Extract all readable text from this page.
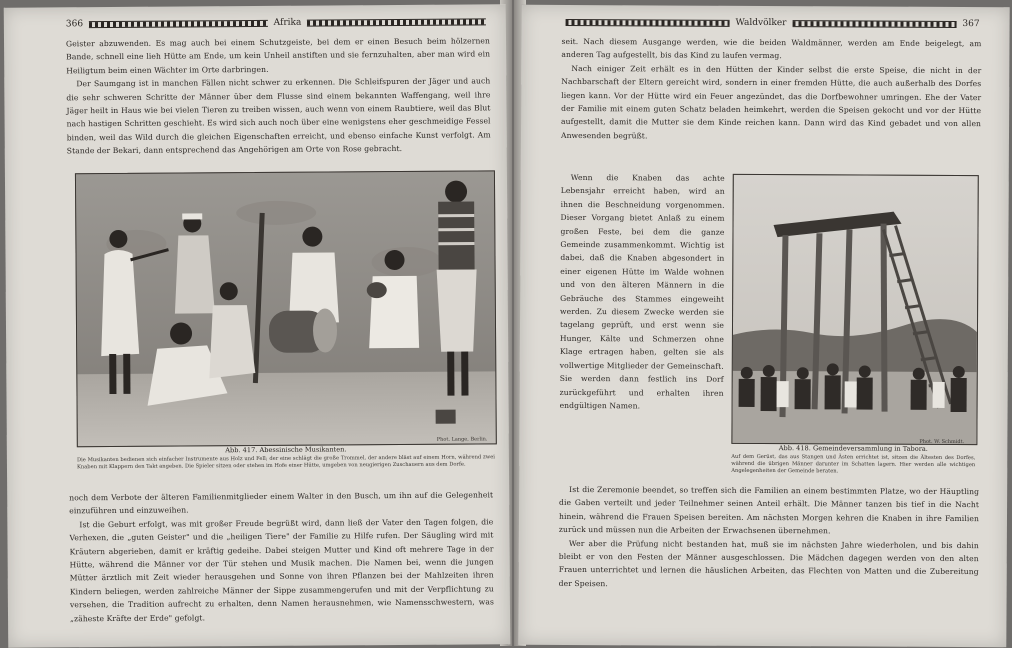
366	Afrika

Geister abzuwenden. Es mag auch bei einem Schutzgeiste, bei dem er einen Besuch beim hölzernen Bande, schnell eine lieh Hütte am Ende, um kein Unheil anstiften und sie fernzuhalten, aber man wird ein Heiligtum beim einen Wächter im Orte darbringen.

Der Saumgang ist in manchen Fällen nicht schwer zu erkennen. Die Schleifspuren der Jäger und auch die sehr schweren Schritte der Männer über dem Flusse sind einem bekannten Waffengang, weil ihre Jäger heilt in Haus wie bei vielen Tieren zu treiben wissen, auch wenn von einem Raubtiere, weil das Blut nach hastigen Schritten geschieht. Es wird sich auch noch über eine wenigstens eher geschmeidige Fessel binden, weil das Wild durch die gleichen Eigenschaften erreicht, und ebenso einfache Kunst verfolgt. Am Stande der Bekari, dann entsprechend das Angehörigen am Orte von Rose gebracht.

Abb. 417. Abessinische Musikanten.
Phot. Lange, Berlin.
Die Musikanten bedienen sich einfacher Instrumente aus Holz und Fell; der eine schlägt die große Trommel, der andere bläst auf einem Horn, während zwei Knaben mit Klappern den Takt angeben. Die Spieler sitzen oder stehen im Hofe einer Hütte, umgeben von neugierigen Zuschauern aus dem Dorfe.

noch dem Verbote der älteren Familienmitglieder einem Walter in den Busch, um ihn auf die Gelegenheit einzuführen und einzuweihen.

Ist die Geburt erfolgt, was mit großer Freude begrüßt wird, dann ließ der Vater den Tagen folgen, die Verhexen, die „guten Geister" und die „heiligen Tiere" der Familie zu Hilfe rufen. Der Säugling wird mit Kräutern abgerieben, damit er kräftig gedeihe. Dabei steigen Mutter und Kind oft mehrere Tage in der Hütte, während die Männer vor der Tür stehen und Musik machen. Die Namen bei, wenn die jungen Mütter ärztlich mit Zeit wieder herausgehen und Sonne von ihren Pflanzen bei der Mahlzeiten ihren Kindern beliegen, werden zahlreiche Männer der Sippe zusammengerufen und mit der Verpflichtung zu versehen, die Tradition aufrecht zu erhalten, denn Namen herausnehmen, wie Namensschwestern, was „zäheste Kräfte der Erde" gefolgt.

Waldvölker	367

seit. Nach diesem Ausgange werden, wie die beiden Waldmänner, werden am Ende beigelegt, am anderen Tag aufgestellt, bis das Kind zu laufen vermag.

Nach einiger Zeit erhält es in den Hütten der Kinder selbst die erste Speise, die nicht in der Nachbarschaft der Eltern gereicht wird, sondern in einer fremden Hütte, die auch außerhalb des Dorfes liegen kann. Vor der Hütte wird ein Feuer angezündet, das die Dorfbewohner umringen. Ehe der Vater der Familie mit einem guten Schatz beladen heimkehrt, werden die Speisen gekocht und vor der Hütte aufgestellt, damit die Mutter sie dem Kinde reichen kann. Dann wird das Kind gebadet und von allen Anwesenden begrüßt.

Wenn die Knaben das achte Lebensjahr erreicht haben, wird an ihnen die Beschneidung vorgenommen. Dieser Vorgang bietet Anlaß zu einem großen Feste, bei dem die ganze Gemeinde zusammenkommt. Wichtig ist dabei, daß die Knaben abgesondert in einer eigenen Hütte im Walde wohnen und von den älteren Männern in die Gebräuche des Stammes eingeweiht werden. Zu diesem Zwecke werden sie tagelang geprüft, und erst wenn sie Hunger, Kälte und Schmerzen ohne Klage ertragen haben, gelten sie als vollwertige Mitglieder der Gemeinschaft. Sie werden dann festlich ins Dorf zurückgeführt und erhalten ihren endgültigen Namen.

Abb. 418. Gemeindeversammlung in Tabora.
Phot. W. Schmidt.
Auf dem Gerüst, das aus Stangen und Ästen errichtet ist, sitzen die Ältesten des Dorfes, während die übrigen Männer darunter im Schatten lagern. Hier werden alle wichtigen Angelegenheiten der Gemeinde beraten.

Ist die Zeremonie beendet, so treffen sich die Familien an einem bestimmten Platze, wo der Häuptling die Gaben verteilt und jeder Teilnehmer seinen Anteil erhält. Die Männer tanzen bis tief in die Nacht hinein, während die Frauen Speisen bereiten. Am nächsten Morgen kehren die Knaben in ihre Familien zurück und müssen nun die Arbeiten der Erwachsenen übernehmen.

Wer aber die Prüfung nicht bestanden hat, muß sie im nächsten Jahre wiederholen, und bis dahin bleibt er von den Festen der Männer ausgeschlossen. Die Mädchen dagegen werden von den alten Frauen unterrichtet und lernen die häuslichen Arbeiten, das Flechten von Matten und die Zubereitung der Speisen.
